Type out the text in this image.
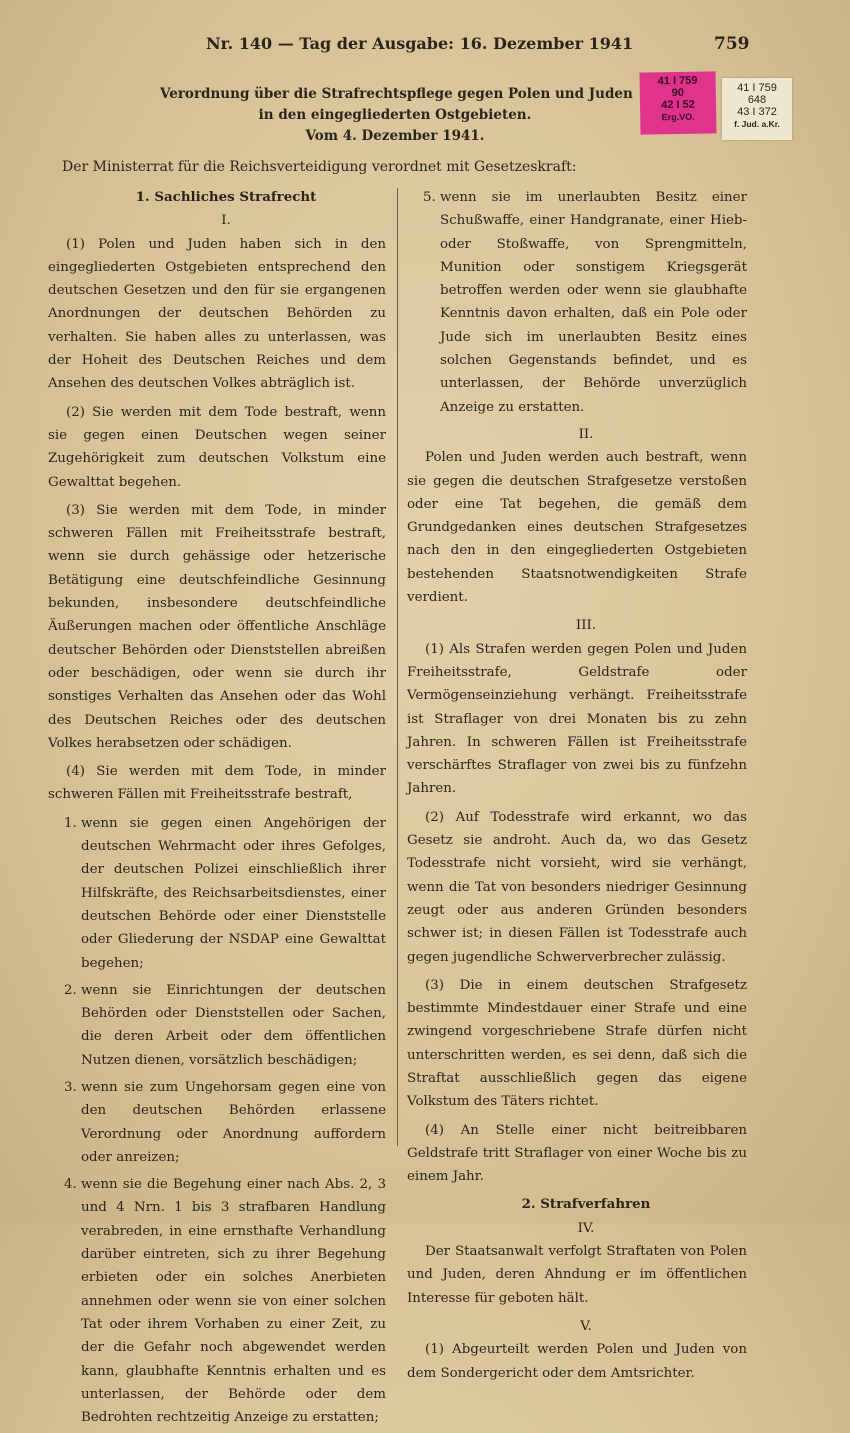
Nr. 140 — Tag der Ausgabe: 16. Dezember 1941	759
Verordnung über die Strafrechtspflege gegen Polen und Juden
in den eingegliederten Ostgebieten.
Vom 4. Dezember 1941.
41 I 759
90
42 I 52
Erg.VO.
41 I 759
648
43 I 372
f. Jud. a.Kr.
Der Ministerrat für die Reichsverteidigung verordnet mit Gesetzeskraft:

1. Sachliches Strafrecht

I.

(1) Polen und Juden haben sich in den eingegliederten Ostgebieten entsprechend den deutschen Gesetzen und den für sie ergangenen Anordnungen der deutschen Behörden zu verhalten. Sie haben alles zu unterlassen, was der Hoheit des Deutschen Reiches und dem Ansehen des deutschen Volkes abträglich ist.

(2) Sie werden mit dem Tode bestraft, wenn sie gegen einen Deutschen wegen seiner Zugehörigkeit zum deutschen Volkstum eine Gewalttat begehen.

(3) Sie werden mit dem Tode, in minder schweren Fällen mit Freiheitsstrafe bestraft, wenn sie durch gehässige oder hetzerische Betätigung eine deutschfeindliche Gesinnung bekunden, insbesondere deutschfeindliche Äußerungen machen oder öffentliche Anschläge deutscher Behörden oder Dienststellen abreißen oder beschädigen, oder wenn sie durch ihr sonstiges Verhalten das Ansehen oder das Wohl des Deutschen Reiches oder des deutschen Volkes herabsetzen oder schädigen.

(4) Sie werden mit dem Tode, in minder schweren Fällen mit Freiheitsstrafe bestraft,

1. wenn sie gegen einen Angehörigen der deutschen Wehrmacht oder ihres Gefolges, der deutschen Polizei einschließlich ihrer Hilfskräfte, des Reichsarbeitsdienstes, einer deutschen Behörde oder einer Dienststelle oder Gliederung der NSDAP eine Gewalttat begehen;
2. wenn sie Einrichtungen der deutschen Behörden oder Dienststellen oder Sachen, die deren Arbeit oder dem öffentlichen Nutzen dienen, vorsätzlich beschädigen;
3. wenn sie zum Ungehorsam gegen eine von den deutschen Behörden erlassene Verordnung oder Anordnung auffordern oder anreizen;
4. wenn sie die Begehung einer nach Abs. 2, 3 und 4 Nrn. 1 bis 3 strafbaren Handlung verabreden, in eine ernsthafte Verhandlung darüber eintreten, sich zu ihrer Begehung erbieten oder ein solches Anerbieten annehmen oder wenn sie von einer solchen Tat oder ihrem Vorhaben zu einer Zeit, zu der die Gefahr noch abgewendet werden kann, glaubhafte Kenntnis erhalten und es unterlassen, der Behörde oder dem Bedrohten rechtzeitig Anzeige zu erstatten;
5. wenn sie im unerlaubten Besitz einer Schußwaffe, einer Handgranate, einer Hieb- oder Stoßwaffe, von Sprengmitteln, Munition oder sonstigem Kriegsgerät betroffen werden oder wenn sie glaubhafte Kenntnis davon erhalten, daß ein Pole oder Jude sich im unerlaubten Besitz eines solchen Gegenstands befindet, und es unterlassen, der Behörde unverzüglich Anzeige zu erstatten.

II.

Polen und Juden werden auch bestraft, wenn sie gegen die deutschen Strafgesetze verstoßen oder eine Tat begehen, die gemäß dem Grundgedanken eines deutschen Strafgesetzes nach den in den eingegliederten Ostgebieten bestehenden Staatsnotwendigkeiten Strafe verdient.

III.

(1) Als Strafen werden gegen Polen und Juden Freiheitsstrafe, Geldstrafe oder Vermögenseinziehung verhängt. Freiheitsstrafe ist Straflager von drei Monaten bis zu zehn Jahren. In schweren Fällen ist Freiheitsstrafe verschärftes Straflager von zwei bis zu fünfzehn Jahren.

(2) Auf Todesstrafe wird erkannt, wo das Gesetz sie androht. Auch da, wo das Gesetz Todesstrafe nicht vorsieht, wird sie verhängt, wenn die Tat von besonders niedriger Gesinnung zeugt oder aus anderen Gründen besonders schwer ist; in diesen Fällen ist Todesstrafe auch gegen jugendliche Schwerverbrecher zulässig.

(3) Die in einem deutschen Strafgesetz bestimmte Mindestdauer einer Strafe und eine zwingend vorgeschriebene Strafe dürfen nicht unterschritten werden, es sei denn, daß sich die Straftat ausschließlich gegen das eigene Volkstum des Täters richtet.

(4) An Stelle einer nicht beitreibbaren Geldstrafe tritt Straflager von einer Woche bis zu einem Jahr.

2. Strafverfahren

IV.

Der Staatsanwalt verfolgt Straftaten von Polen und Juden, deren Ahndung er im öffentlichen Interesse für geboten hält.

V.

(1) Abgeurteilt werden Polen und Juden von dem Sondergericht oder dem Amtsrichter.
